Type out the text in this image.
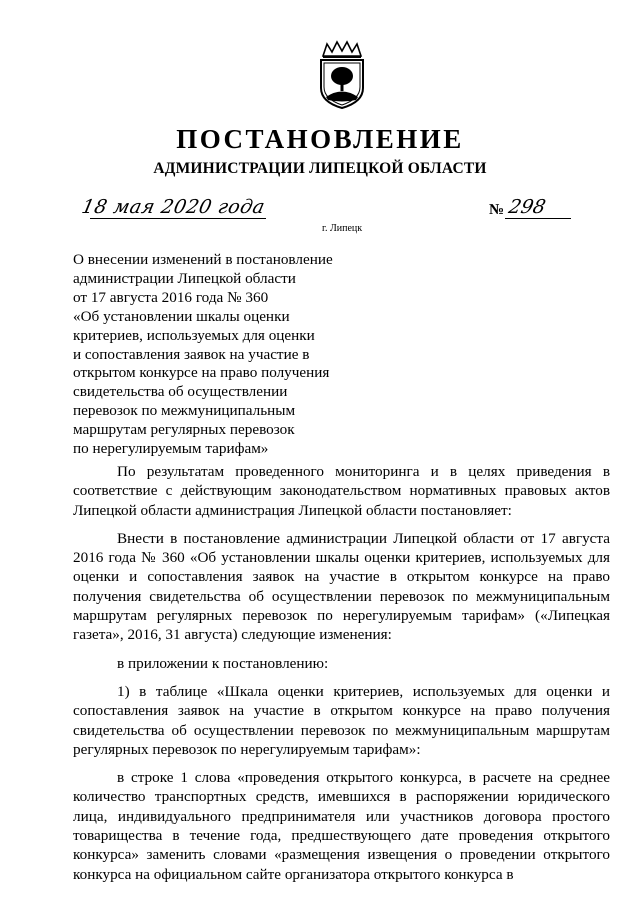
ПОСТАНОВЛЕНИЕ
АДМИНИСТРАЦИИ ЛИПЕЦКОЙ ОБЛАСТИ
18 мая 2020 года
г. Липецк
№ 298
О внесении изменений в постановление
администрации Липецкой области
от 17 августа 2016 года № 360
«Об установлении шкалы оценки
критериев, используемых для оценки
и сопоставления заявок на участие в
открытом конкурсе на право получения
свидетельства об осуществлении
перевозок по межмуниципальным
маршрутам регулярных перевозок
по нерегулируемым тарифам»

По результатам проведенного мониторинга и в целях приведения в соответствие с действующим законодательством нормативных правовых актов Липецкой области администрация Липецкой области постановляет:

Внести в постановление администрации Липецкой области от 17 августа 2016 года № 360 «Об установлении шкалы оценки критериев, используемых для оценки и сопоставления заявок на участие в открытом конкурсе на право получения свидетельства об осуществлении перевозок по межмуниципальным маршрутам регулярных перевозок по нерегулируемым тарифам» («Липецкая газета», 2016, 31 августа) следующие изменения:

в приложении к постановлению:

1) в таблице «Шкала оценки критериев, используемых для оценки и сопоставления заявок на участие в открытом конкурсе на право получения свидетельства об осуществлении перевозок по межмуниципальным маршрутам регулярных перевозок по нерегулируемым тарифам»:

в строке 1 слова «проведения открытого конкурса, в расчете на среднее количество транспортных средств, имевшихся в распоряжении юридического лица, индивидуального предпринимателя или участников договора простого товарищества в течение года, предшествующего дате проведения открытого конкурса» заменить словами «размещения извещения о проведении открытого конкурса на официальном сайте организатора открытого конкурса в
